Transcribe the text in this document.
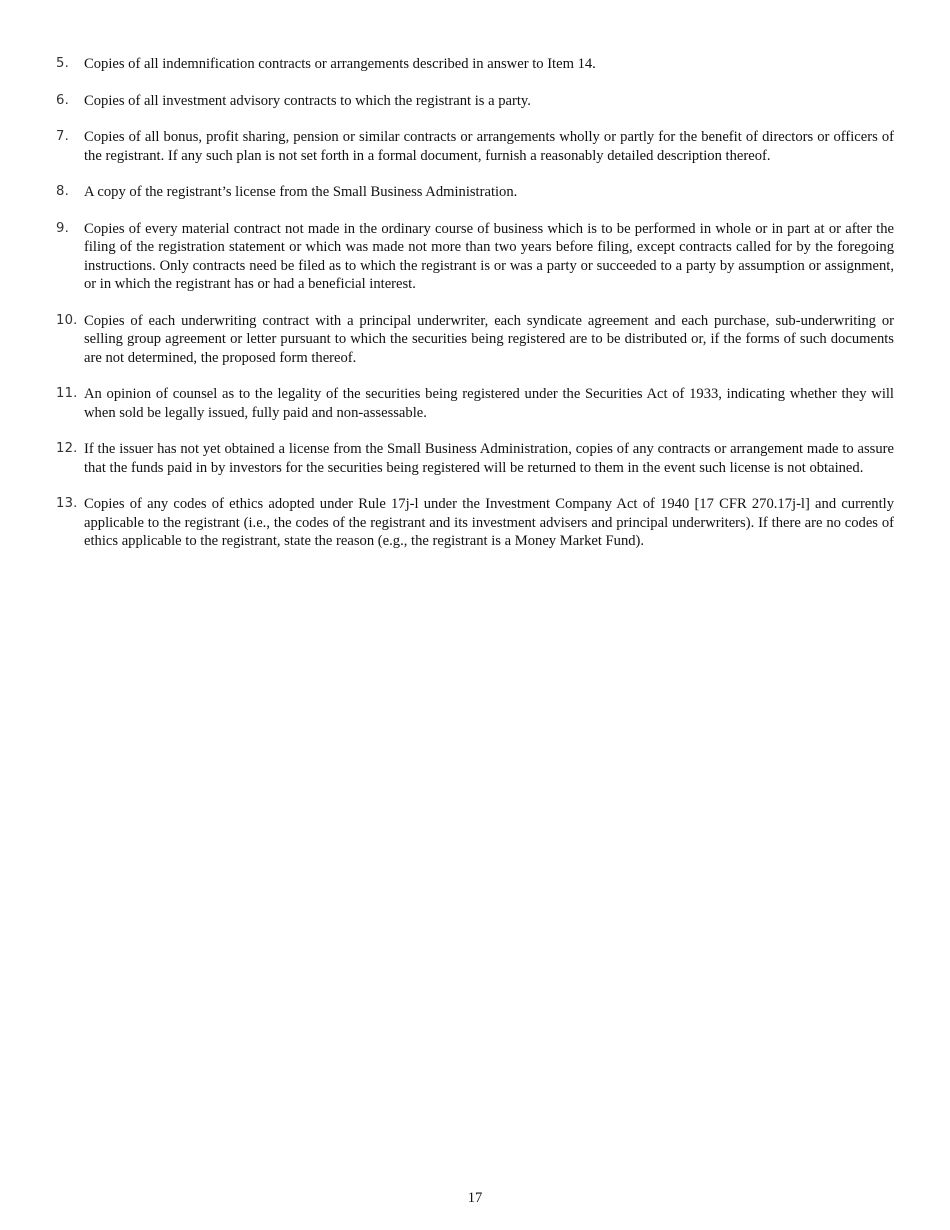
5.	Copies of all indemnification contracts or arrangements described in answer to Item 14.
6.	Copies of all investment advisory contracts to which the registrant is a party.
7.	Copies of all bonus, profit sharing, pension or similar contracts or arrangements wholly or partly for the benefit of directors or officers of the registrant. If any such plan is not set forth in a formal document, furnish a reasonably detailed description thereof.
8.	A copy of the registrant’s license from the Small Business Administration.
9.	Copies of every material contract not made in the ordinary course of business which is to be performed in whole or in part at or after the filing of the registration statement or which was made not more than two years before filing, except contracts called for by the foregoing instructions. Only contracts need be filed as to which the registrant is or was a party or succeeded to a party by assumption or assignment, or in which the registrant has or had a beneficial interest.
10. Copies of each underwriting contract with a principal underwriter, each syndicate agreement and each purchase, sub-underwriting or selling group agreement or letter pursuant to which the securities being registered are to be distributed or, if the forms of such documents are not determined, the proposed form thereof.
11. An opinion of counsel as to the legality of the securities being registered under the Securities Act of 1933, indicating whether they will when sold be legally issued, fully paid and non-assessable.
12. If the issuer has not yet obtained a license from the Small Business Administration, copies of any contracts or arrangement made to assure that the funds paid in by investors for the securities being registered will be returned to them in the event such license is not obtained.
13. Copies of any codes of ethics adopted under Rule 17j-l under the Investment Company Act of 1940 [17 CFR 270.17j-l] and currently applicable to the registrant (i.e., the codes of the registrant and its investment advisers and principal underwriters). If there are no codes of ethics applicable to the registrant, state the reason (e.g., the registrant is a Money Market Fund).
17
